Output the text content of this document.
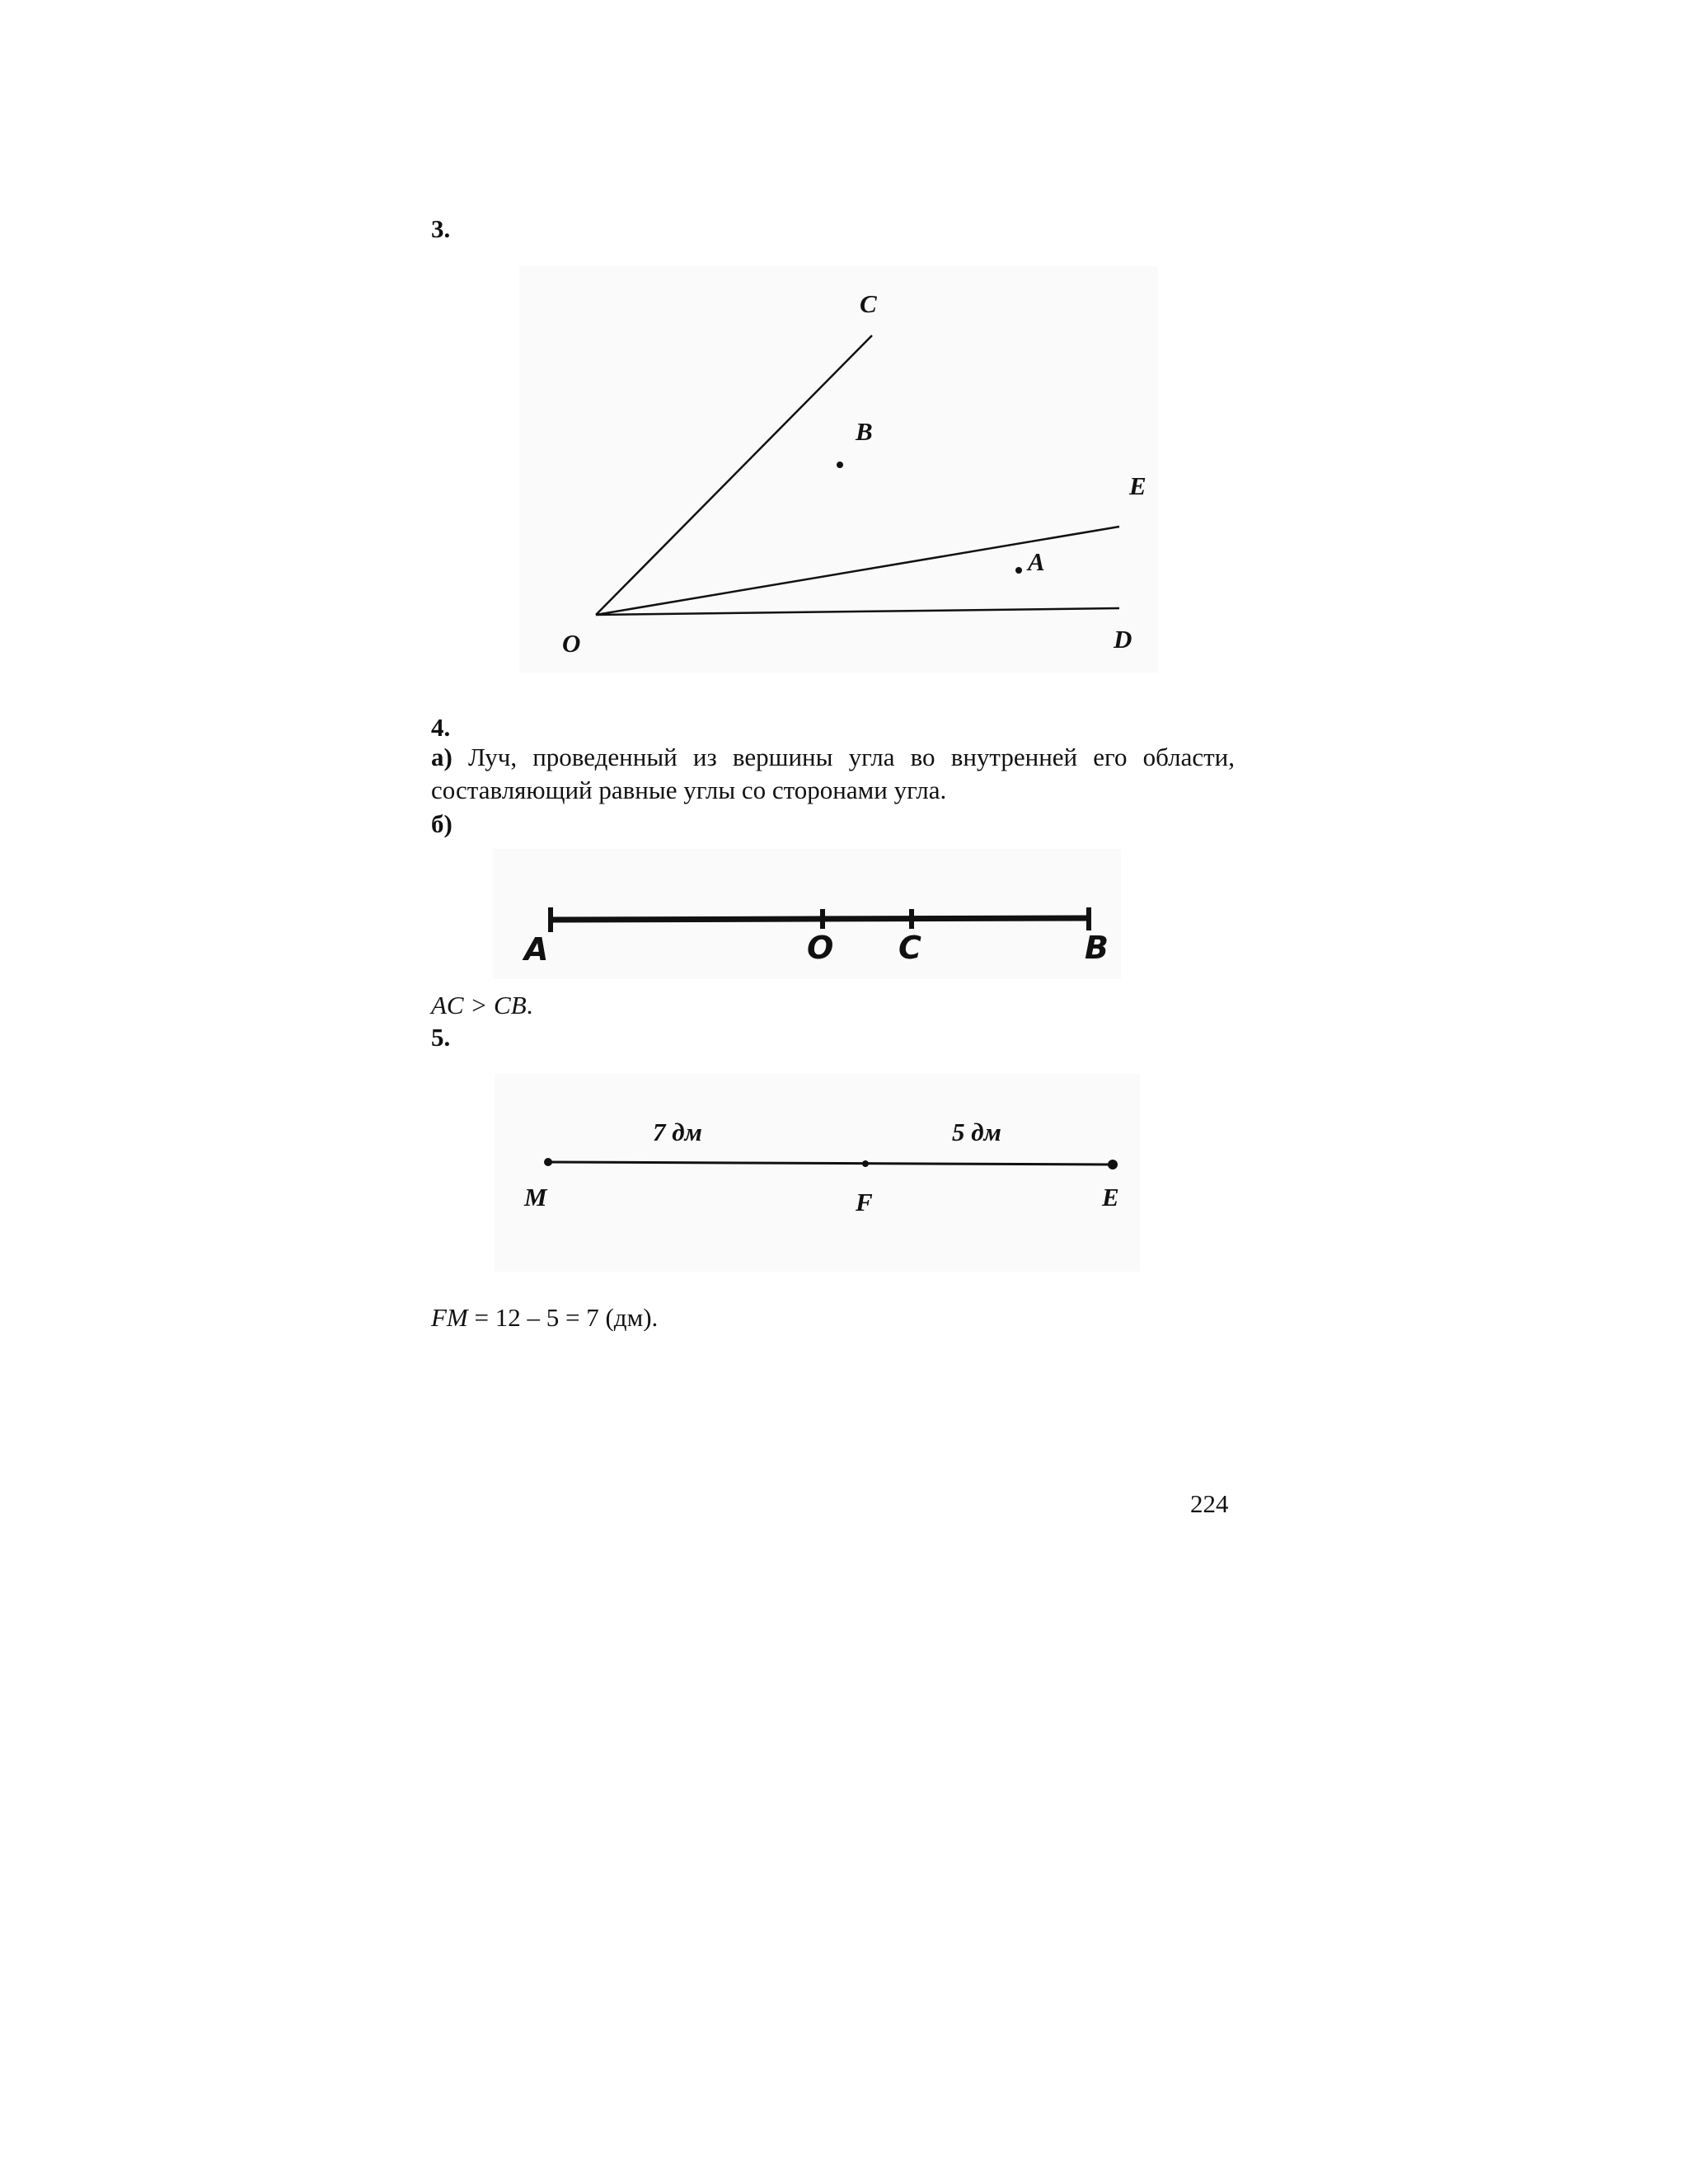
3.
C
B
E
A
O	D
4.
а) Луч, проведенный из вершины угла во внутренней его области, составляющий равные углы со сторонами угла.
б)
A	O C	B
AC > CB.
5.
7 дм	5 дм
M	F	E
FM = 12 – 5 = 7 (дм).
224
